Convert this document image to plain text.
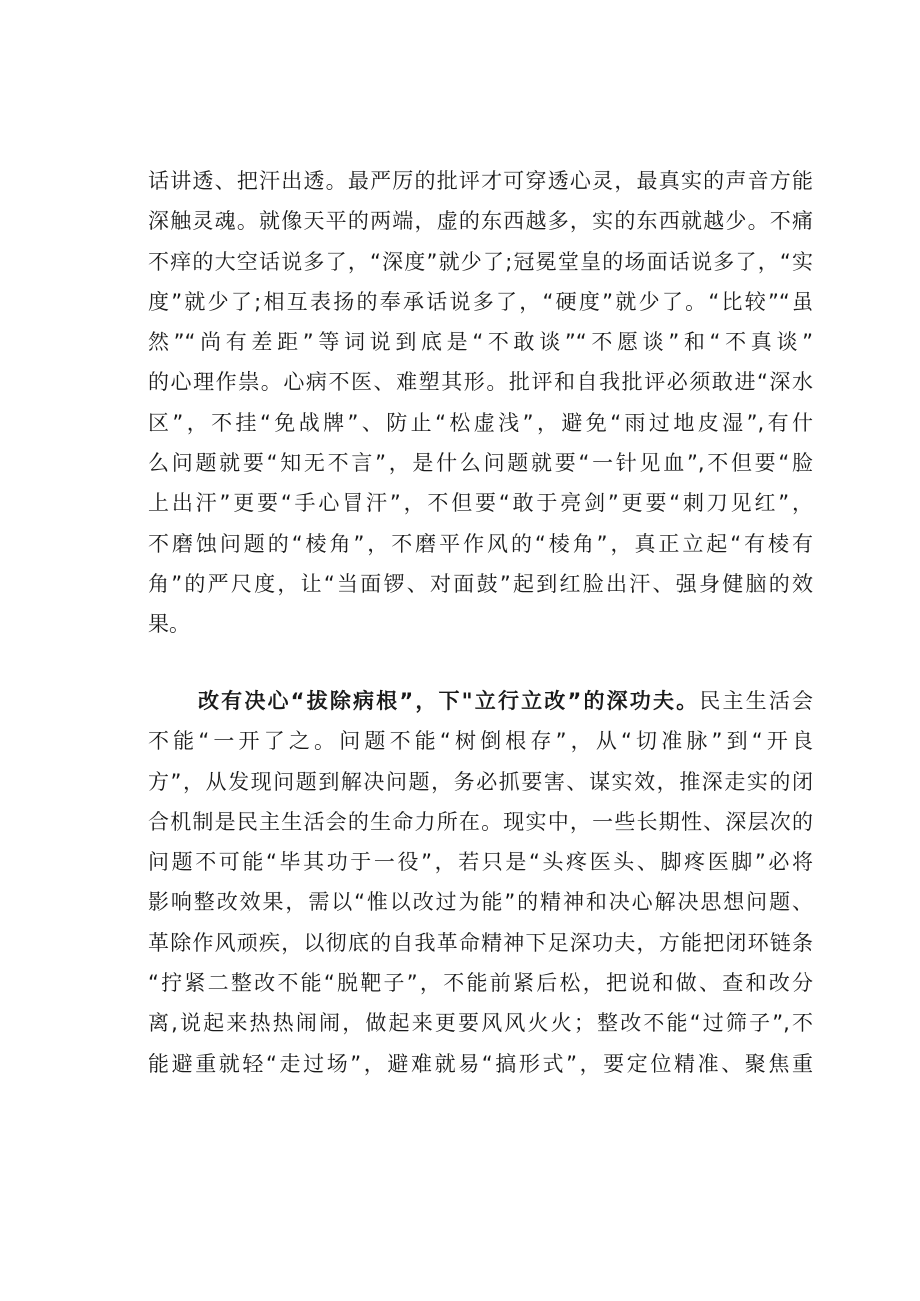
话讲透、把汗出透。最严厉的批评才可穿透心灵，最真实的声音方能
深触灵魂。就像天平的两端，虚的东西越多，实的东西就越少。不痛
不痒的大空话说多了，“深度”就少了;冠冕堂皇的场面话说多了，“实
度”就少了;相互表扬的奉承话说多了，“硬度”就少了。“比较”“虽
然”“尚有差距”等词说到底是“不敢谈”“不愿谈”和“不真谈”
的心理作祟。心病不医、难塑其形。批评和自我批评必须敢进“深水
区”，不挂“免战牌”、防止“松虚浅”，避免“雨过地皮湿”,有什
么问题就要“知无不言”，是什么问题就要“一针见血”,不但要“脸
上出汗”更要“手心冒汗”，不但要“敢于亮剑”更要“刺刀见红”，
不磨蚀问题的“棱角”，不磨平作风的“棱角”，真正立起“有棱有
角”的严尺度，让“当面锣、对面鼓”起到红脸出汗、强身健脑的效
果。
改有决心“拔除病根”，下"立行立改”的深功夫。民主生活会
不能“一开了之。问题不能“树倒根存”，从“切准脉”到“开良
方”，从发现问题到解决问题，务必抓要害、谋实效，推深走实的闭
合机制是民主生活会的生命力所在。现实中，一些长期性、深层次的
问题不可能“毕其功于一役”，若只是“头疼医头、脚疼医脚”必将
影响整改效果，需以“惟以改过为能”的精神和决心解决思想问题、
革除作风顽疾，以彻底的自我革命精神下足深功夫，方能把闭环链条
“拧紧二整改不能“脱靶子”，不能前紧后松，把说和做、查和改分
离,说起来热热闹闹，做起来更要风风火火；整改不能“过筛子”,不
能避重就轻“走过场”，避难就易“搞形式”，要定位精准、聚焦重
